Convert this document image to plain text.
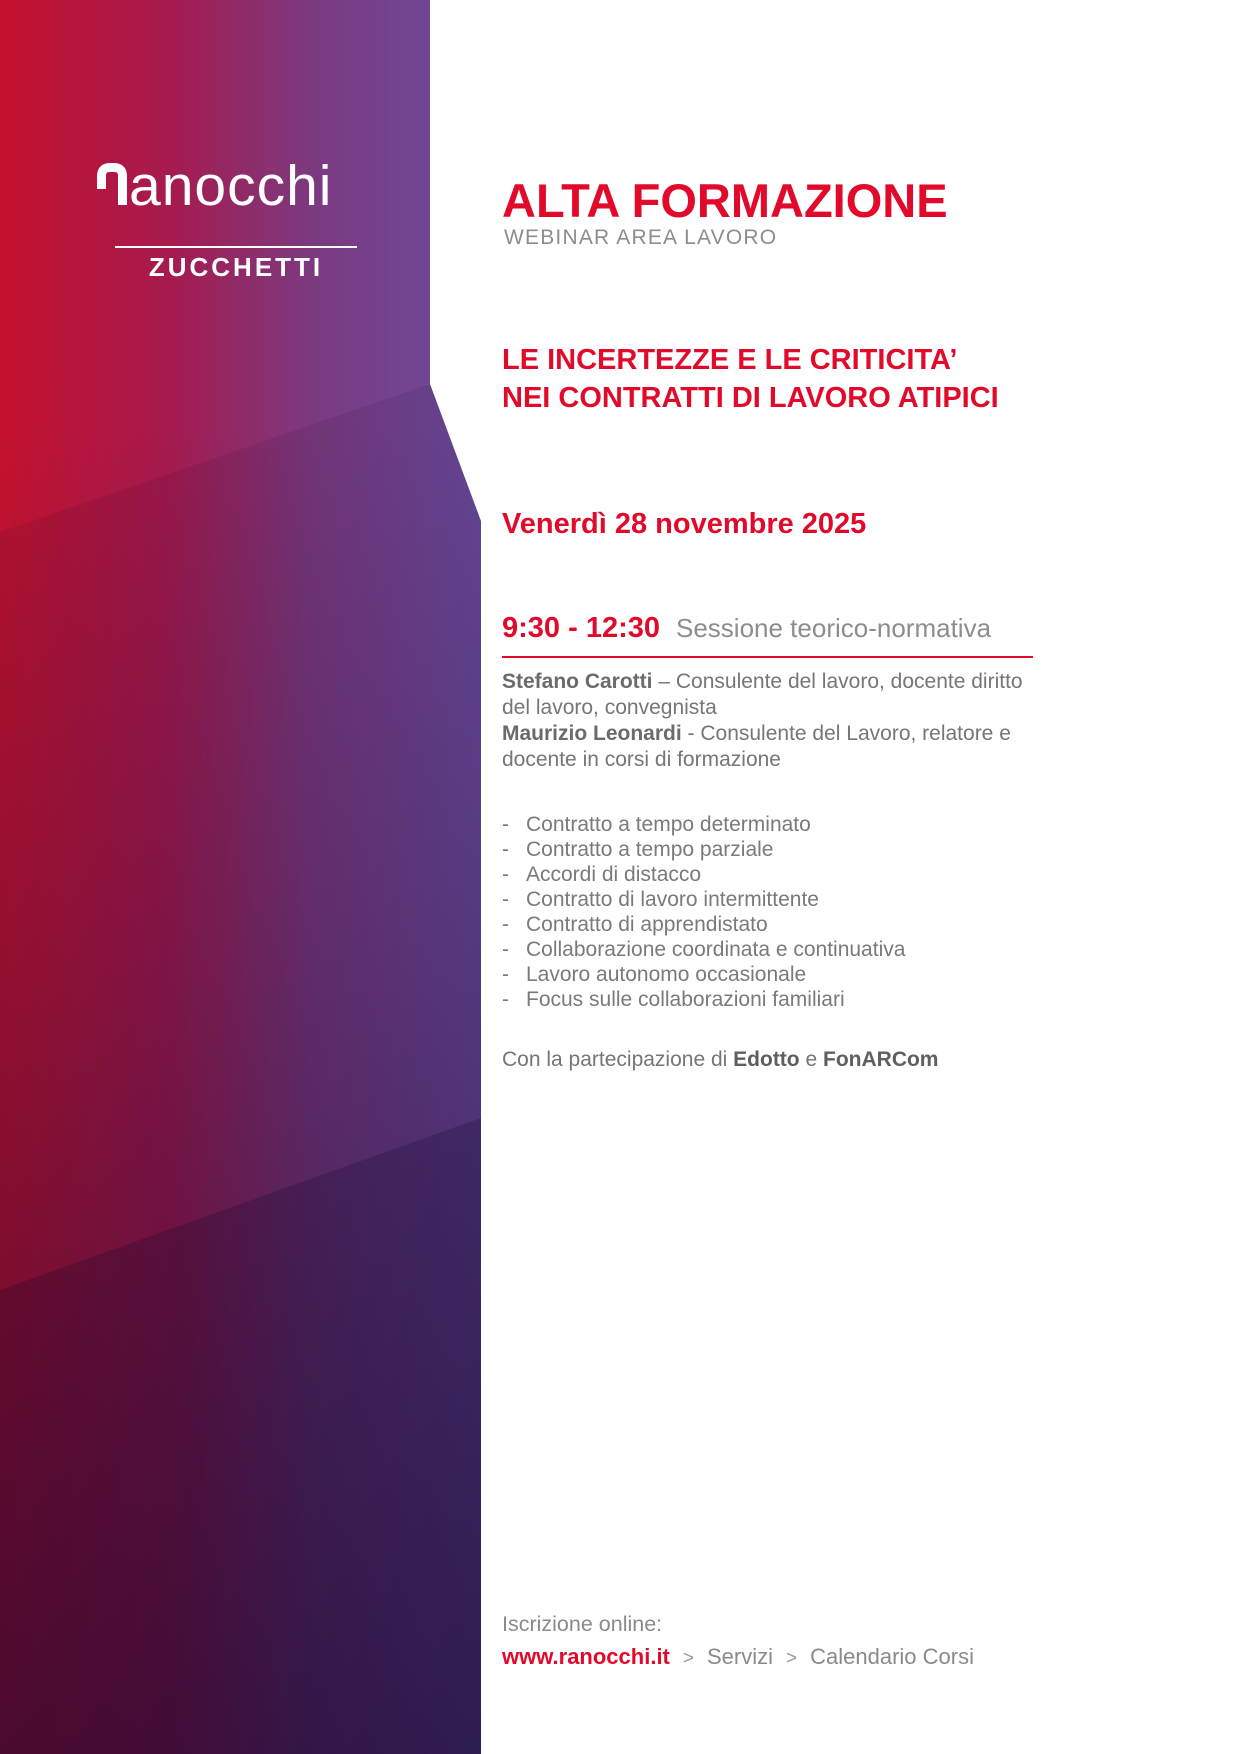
anocchi
ZUCCHETTI
ALTA FORMAZIONE
WEBINAR AREA LAVORO
LE INCERTEZZE E LE CRITICITA’
NEI CONTRATTI DI LAVORO ATIPICI
Venerdì 28 novembre 2025
9:30 - 12:30 Sessione teorico-normativa

Stefano Carotti – Consulente del lavoro, docente diritto
del lavoro, convegnista
Maurizio Leonardi - Consulente del Lavoro, relatore e
docente in corsi di formazione

- Contratto a tempo determinato
- Contratto a tempo parziale
- Accordi di distacco
- Contratto di lavoro intermittente
- Contratto di apprendistato
- Collaborazione coordinata e continuativa
- Lavoro autonomo occasionale
- Focus sulle collaborazioni familiari

Con la partecipazione di Edotto e FonARCom

Iscrizione online:
www.ranocchi.it > Servizi > Calendario Corsi
